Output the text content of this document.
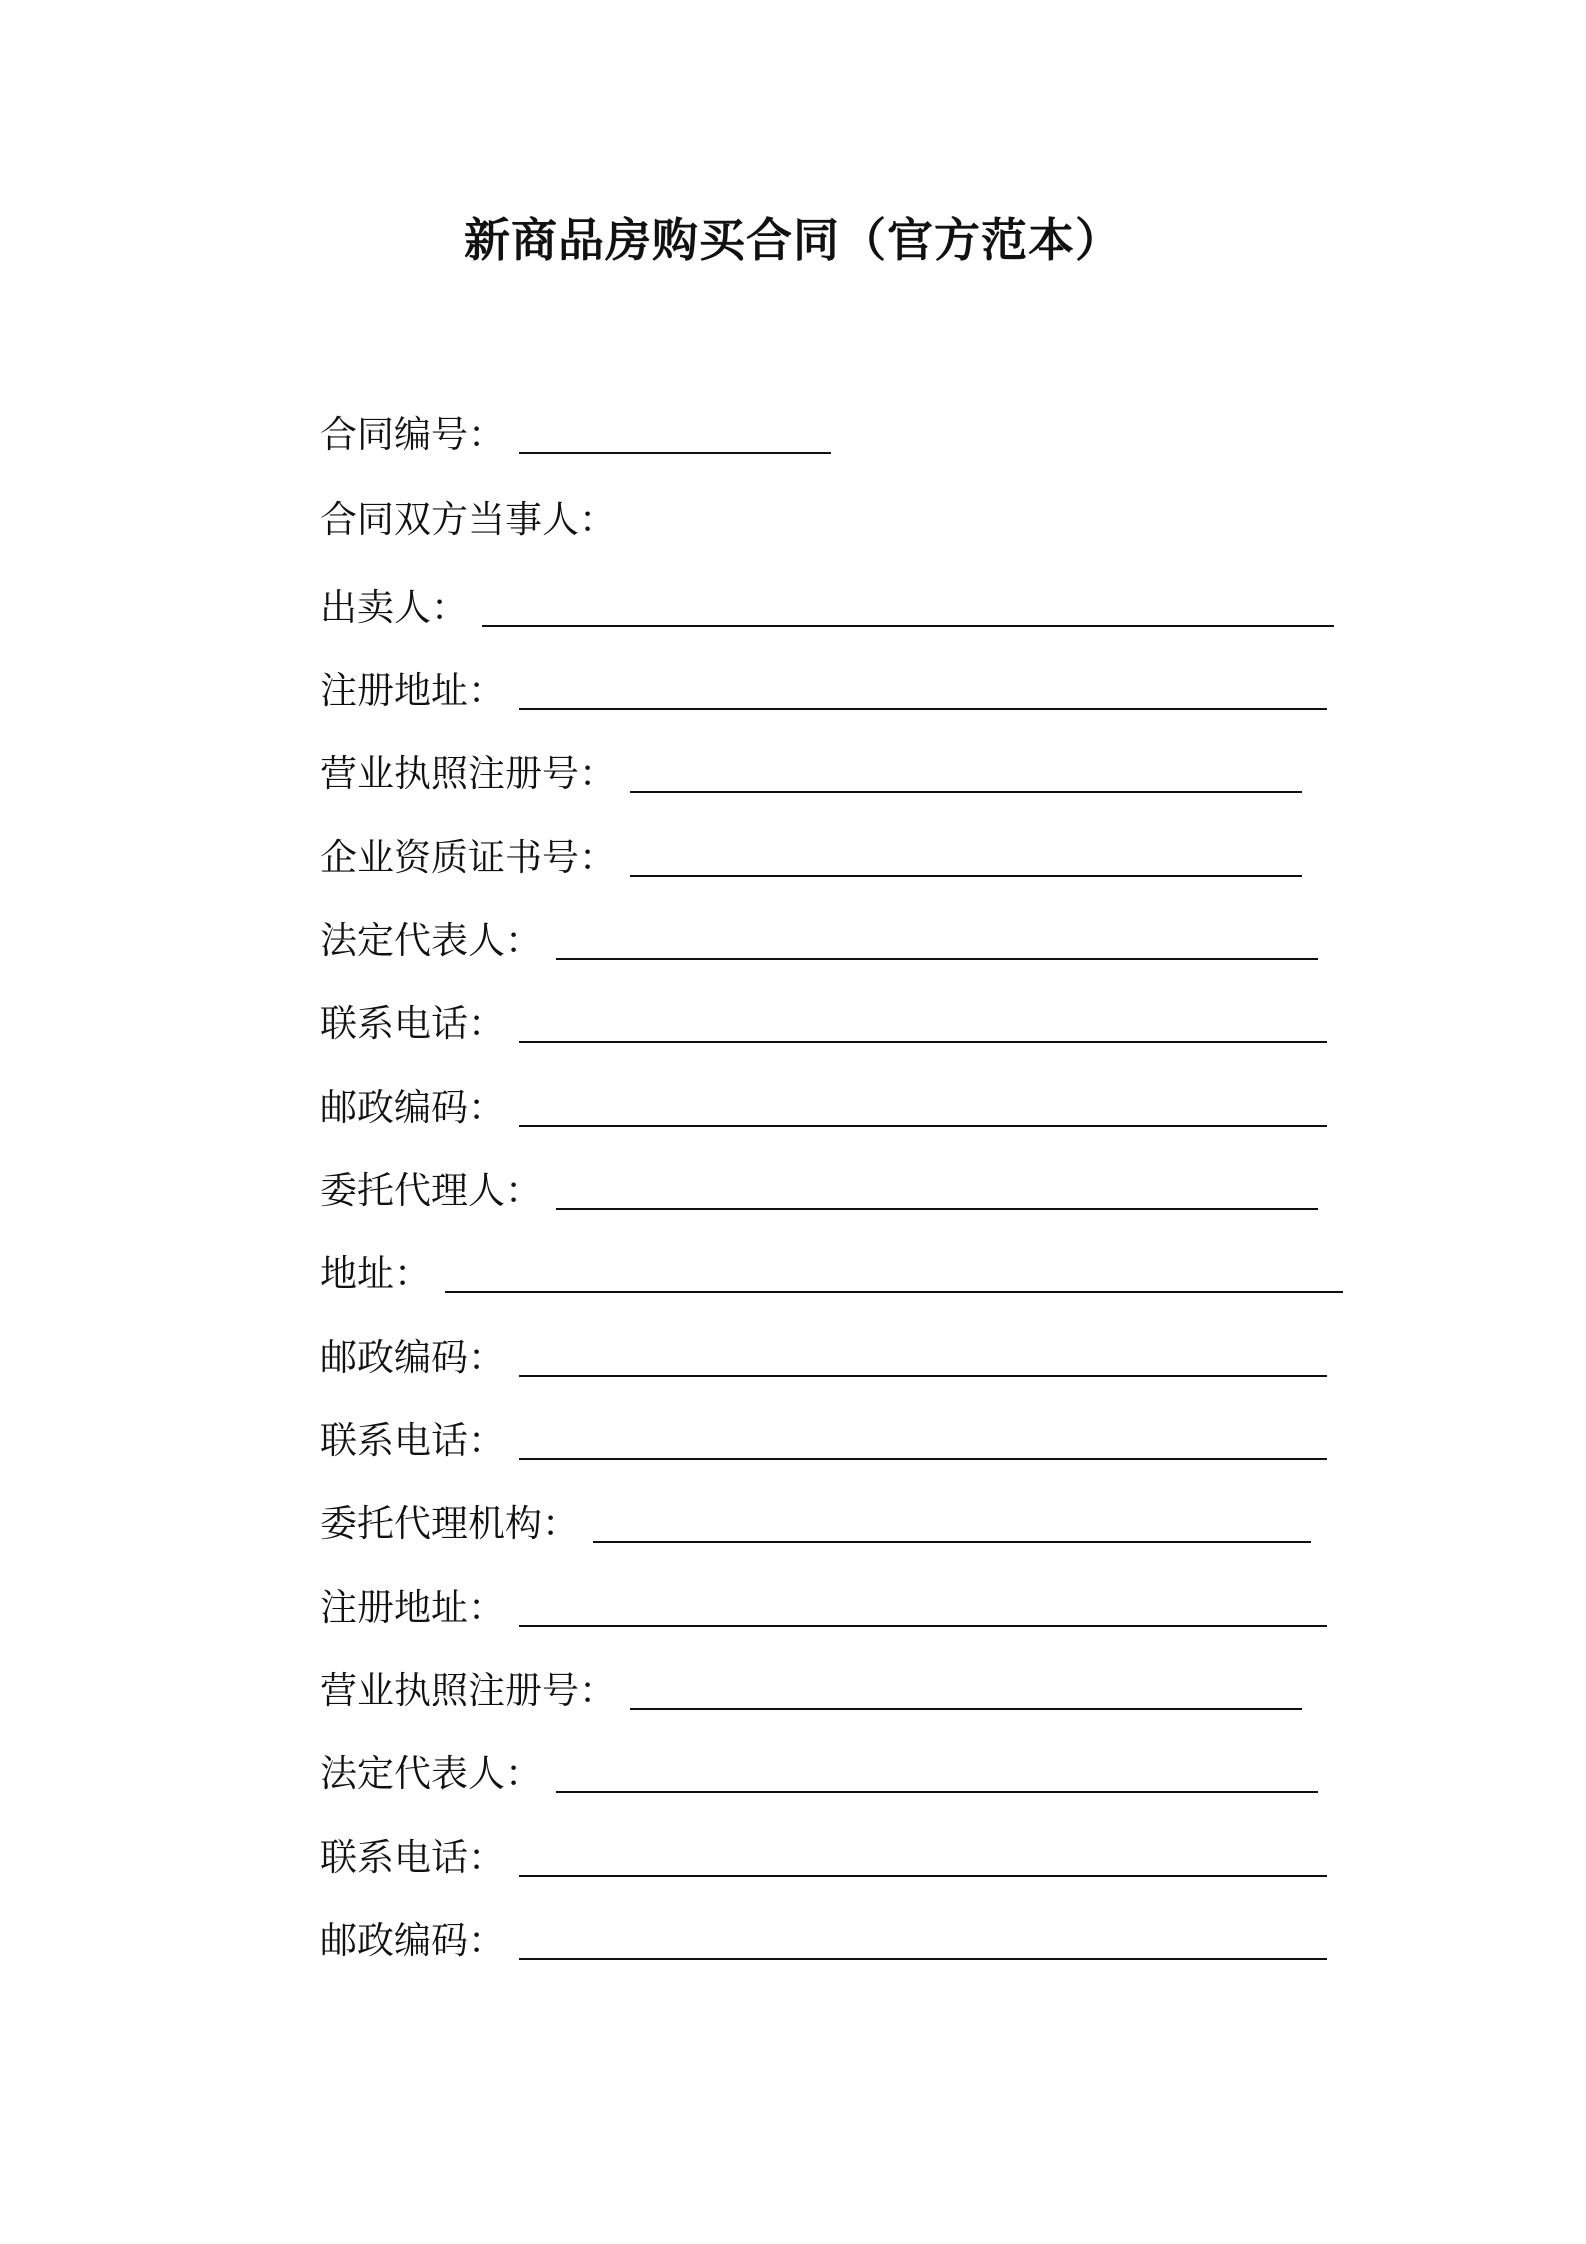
新商品房购买合同（官方范本）
合同编号：
合同双方当事人：
出卖人：
注册地址：
营业执照注册号：
企业资质证书号：
法定代表人：
联系电话：
邮政编码：
委托代理人：
地址：
邮政编码：
联系电话：
委托代理机构：
注册地址：
营业执照注册号：
法定代表人：
联系电话：
邮政编码：
